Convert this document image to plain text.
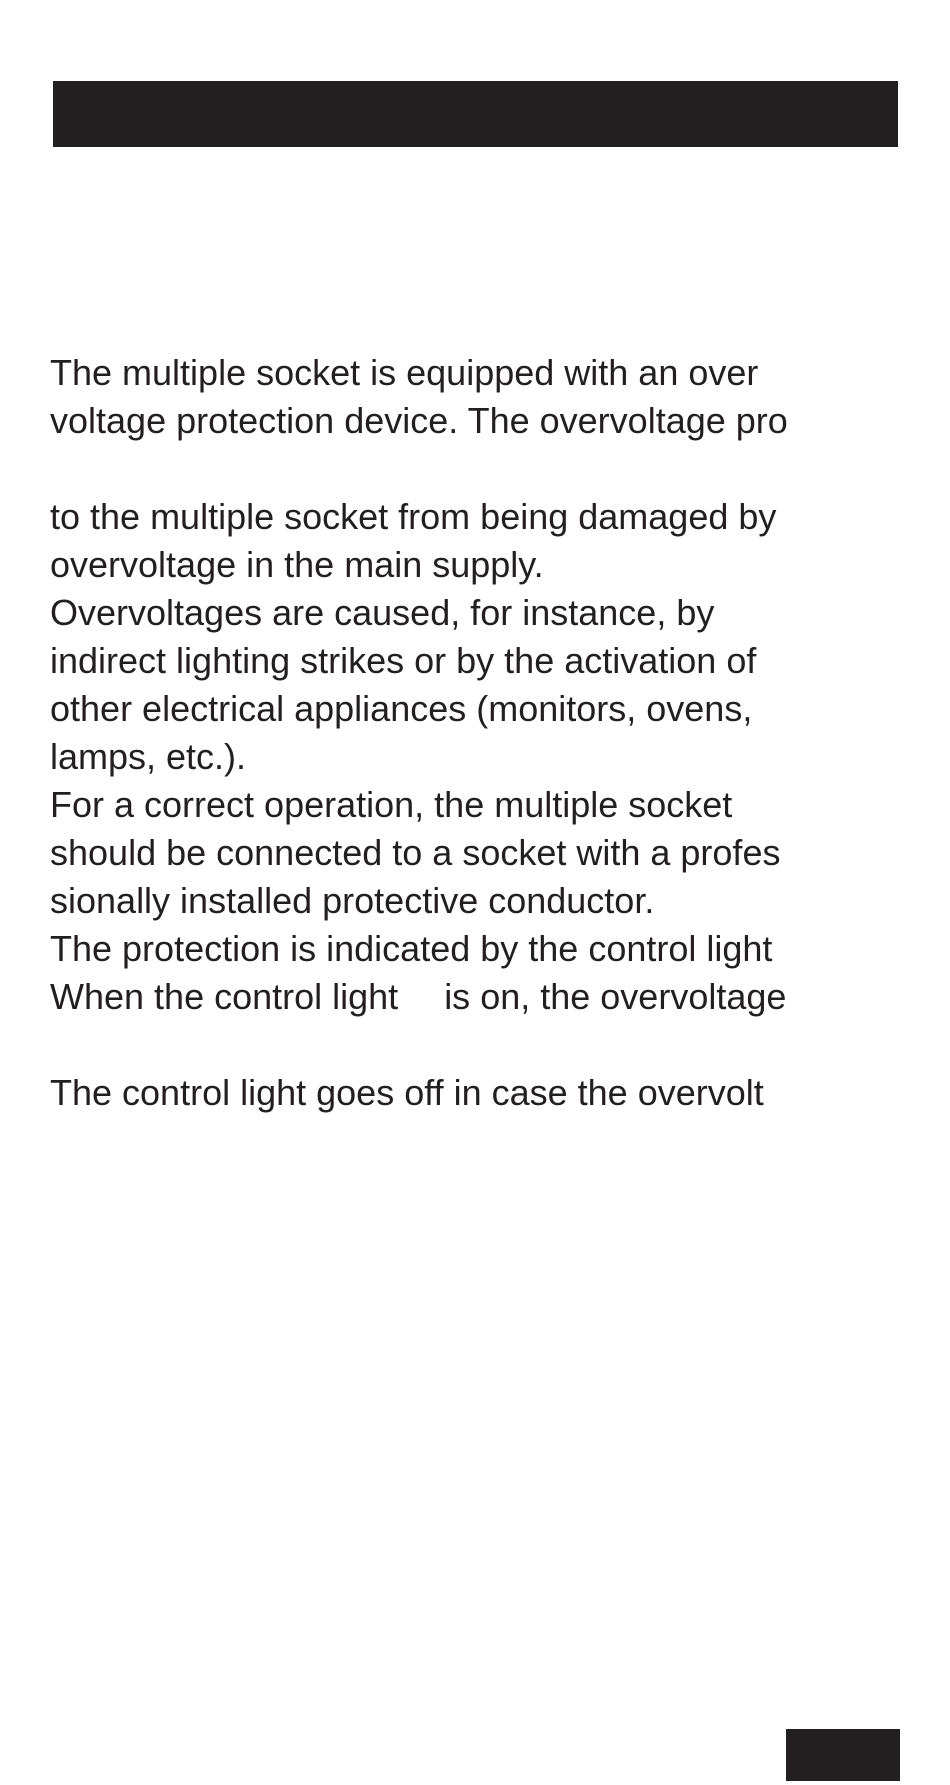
The multiple socket is equipped with an over
voltage protection device. The overvoltage pro
to the multiple socket from being damaged by
overvoltage in the main supply.
Overvoltages are caused, for instance, by
indirect lighting strikes or by the activation of
other electrical appliances (monitors, ovens,
lamps, etc.).
For a correct operation, the multiple socket
should be connected to a socket with a profes
sionally installed protective conductor.
The protection is indicated by the control light
When the control light is on, the overvoltage
The control light goes off in case the overvolt
